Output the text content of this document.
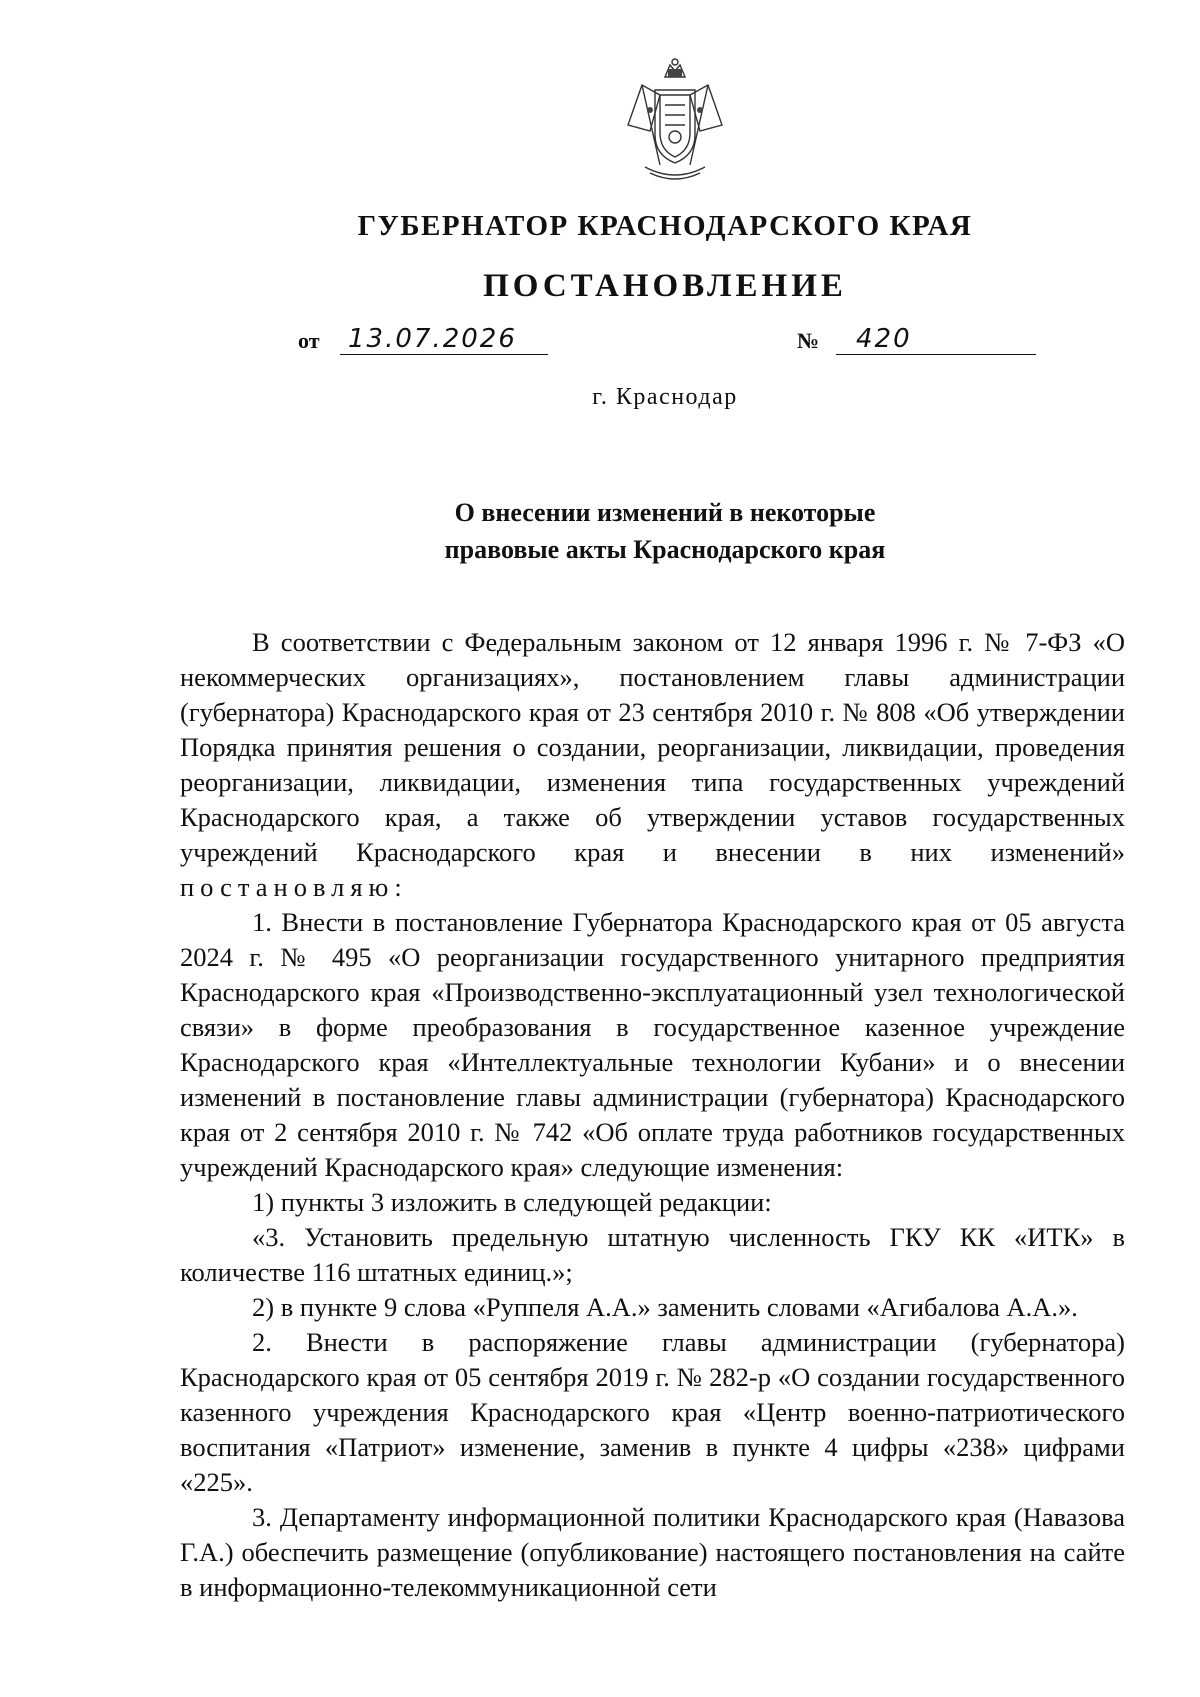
ГУБЕРНАТОР КРАСНОДАРСКОГО КРАЯ
ПОСТАНОВЛЕНИЕ
от	13.07.2026	№	420
г. Краснодар
О внесении изменений в некоторые
правовые акты Краснодарского края

В соответствии с Федеральным законом от 12 января 1996 г. № 7-ФЗ «О некоммерческих организациях», постановлением главы администрации (губернатора) Краснодарского края от 23 сентября 2010 г. № 808 «Об утверждении Порядка принятия решения о создании, реорганизации, ликвидации, проведения реорганизации, ликвидации, изменения типа государственных учреждений Краснодарского края, а также об утверждении уставов государственных учреждений Краснодарского края и внесении в них изменений» постановляю:

1. Внести в постановление Губернатора Краснодарского края от 05 августа 2024 г. № 495 «О реорганизации государственного унитарного предприятия Краснодарского края «Производственно-эксплуатационный узел технологической связи» в форме преобразования в государственное казенное учреждение Краснодарского края «Интеллектуальные технологии Кубани» и о внесении изменений в постановление главы администрации (губернатора) Краснодарского края от 2 сентября 2010 г. № 742 «Об оплате труда работников государственных учреждений Краснодарского края» следующие изменения:

1) пункты 3 изложить в следующей редакции:

«3. Установить предельную штатную численность ГКУ КК «ИТК» в количестве 116 штатных единиц.»;

2) в пункте 9 слова «Руппеля А.А.» заменить словами «Агибалова А.А.».

2. Внести в распоряжение главы администрации (губернатора) Краснодарского края от 05 сентября 2019 г. № 282-р «О создании государственного казенного учреждения Краснодарского края «Центр военно-патриотического воспитания «Патриот» изменение, заменив в пункте 4 цифры «238» цифрами «225».

3. Департаменту информационной политики Краснодарского края (Навазова Г.А.) обеспечить размещение (опубликование) настоящего постановления на сайте в информационно-телекоммуникационной сети
